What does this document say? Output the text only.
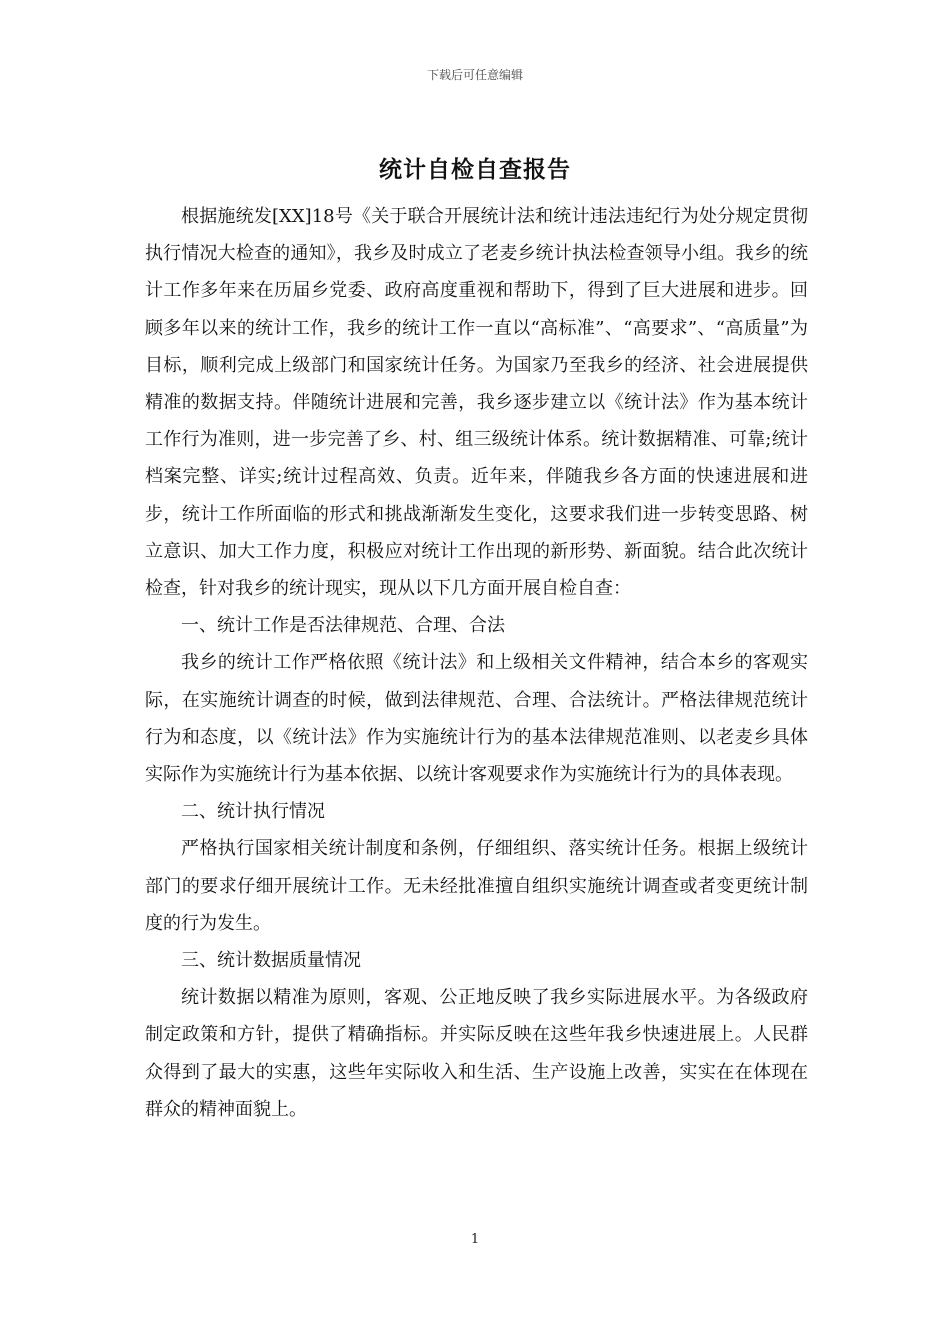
下载后可任意编辑
统计自检自查报告

根据施统发[XX]18号《关于联合开展统计法和统计违法违纪行为处分规定贯彻执行情况大检查的通知》，我乡及时成立了老麦乡统计执法检查领导小组。我乡的统计工作多年来在历届乡党委、政府高度重视和帮助下，得到了巨大进展和进步。回顾多年以来的统计工作，我乡的统计工作一直以“高标准”、“高要求”、“高质量”为目标，顺利完成上级部门和国家统计任务。为国家乃至我乡的经济、社会进展提供精准的数据支持。伴随统计进展和完善，我乡逐步建立以《统计法》作为基本统计工作行为准则，进一步完善了乡、村、组三级统计体系。统计数据精准、可靠;统计档案完整、详实;统计过程高效、负责。近年来，伴随我乡各方面的快速进展和进步，统计工作所面临的形式和挑战渐渐发生变化，这要求我们进一步转变思路、树立意识、加大工作力度，积极应对统计工作出现的新形势、新面貌。结合此次统计检查，针对我乡的统计现实，现从以下几方面开展自检自查：

一、统计工作是否法律规范、合理、合法

我乡的统计工作严格依照《统计法》和上级相关文件精神，结合本乡的客观实际，在实施统计调查的时候，做到法律规范、合理、合法统计。严格法律规范统计行为和态度，以《统计法》作为实施统计行为的基本法律规范准则、以老麦乡具体实际作为实施统计行为基本依据、以统计客观要求作为实施统计行为的具体表现。

二、统计执行情况

严格执行国家相关统计制度和条例，仔细组织、落实统计任务。根据上级统计部门的要求仔细开展统计工作。无未经批准擅自组织实施统计调查或者变更统计制度的行为发生。

三、统计数据质量情况

统计数据以精准为原则，客观、公正地反映了我乡实际进展水平。为各级政府制定政策和方针，提供了精确指标。并实际反映在这些年我乡快速进展上。人民群众得到了最大的实惠，这些年实际收入和生活、生产设施上改善，实实在在体现在群众的精神面貌上。

1
